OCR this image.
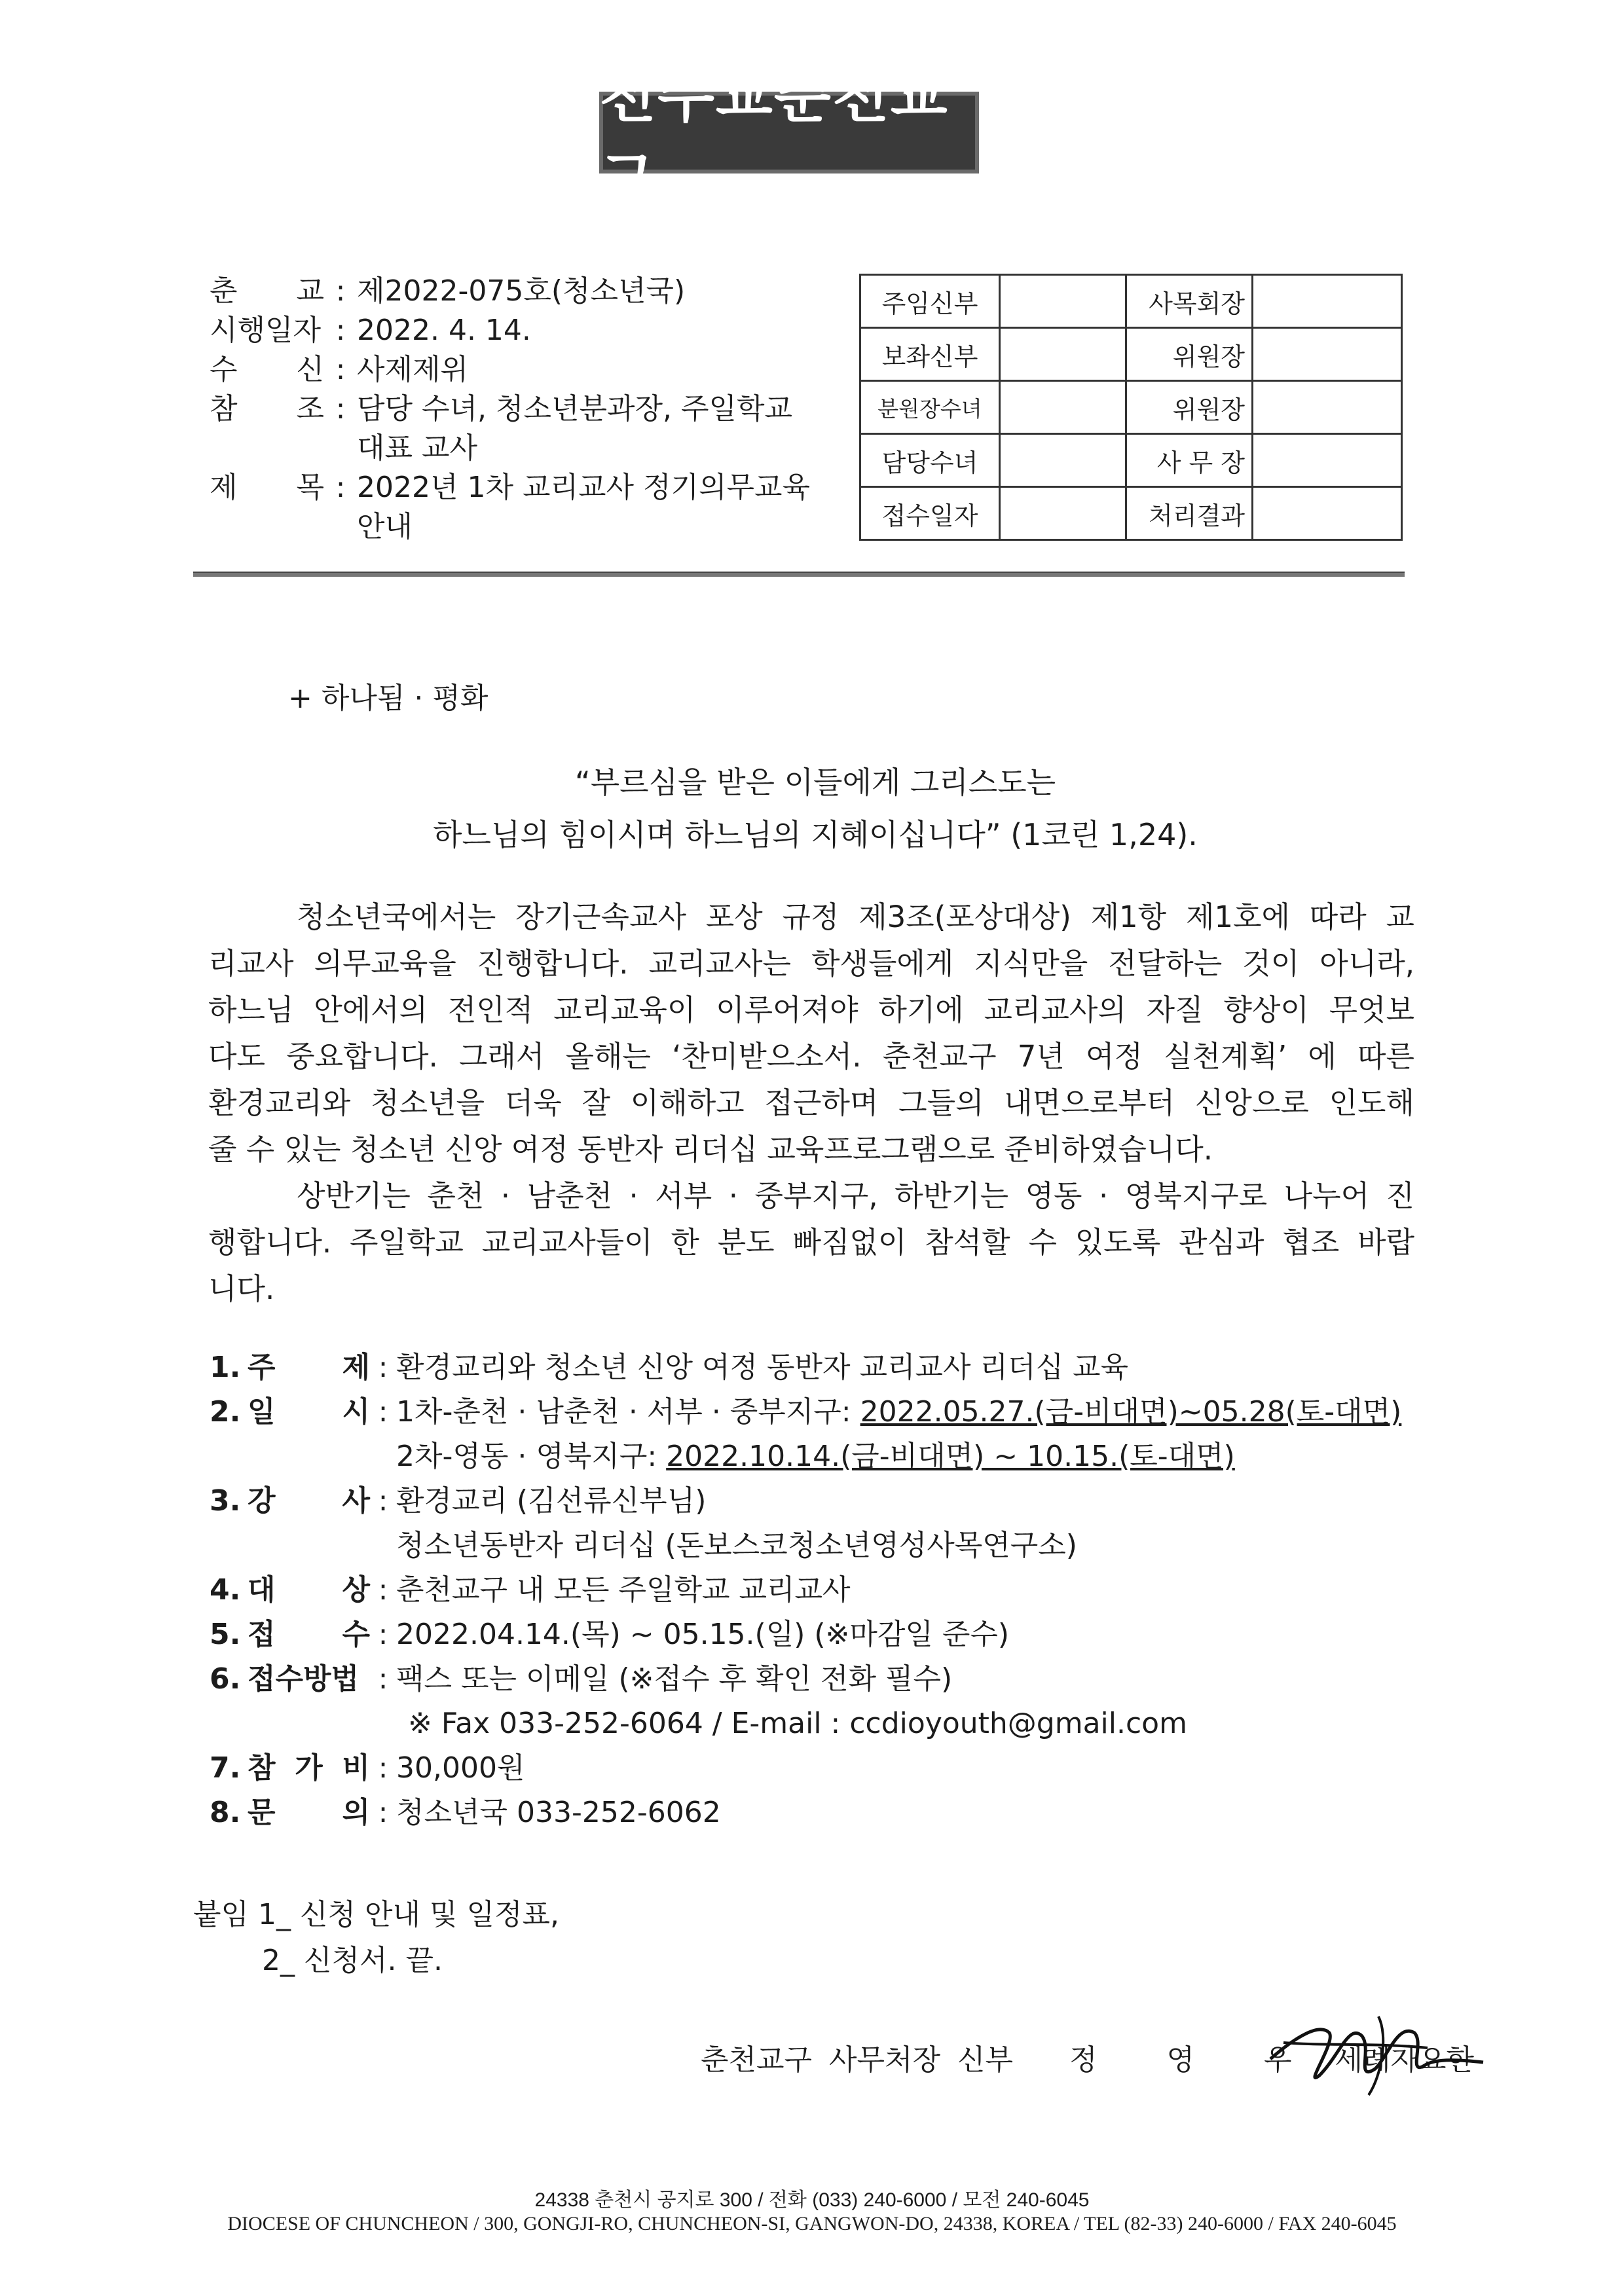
천주교춘천교구
춘 교 : 제2022-075호(청소년국)
시행일자 : 2022. 4. 14.
수 신 : 사제제위
참 조 : 담당 수녀, 청소년분과장, 주일학교
대표 교사
제 목 : 2022년 1차 교리교사 정기의무교육
안내
주임신부		사목회장	
보좌신부		위원장	
분원장수녀		위원장	
담당수녀		사 무 장	
접수일자		처리결과	
+ 하나됨 · 평화
“부르심을 받은 이들에게 그리스도는
하느님의 힘이시며 하느님의 지혜이십니다” (1코린 1,24).

청소년국에서는 장기근속교사 포상 규정 제3조(포상대상) 제1항 제1호에 따라 교

리교사 의무교육을 진행합니다. 교리교사는 학생들에게 지식만을 전달하는 것이 아니라,

하느님 안에서의 전인적 교리교육이 이루어져야 하기에 교리교사의 자질 향상이 무엇보

다도 중요합니다. 그래서 올해는 ‘찬미받으소서. 춘천교구 7년 여정 실천계획’ 에 따른

환경교리와 청소년을 더욱 잘 이해하고 접근하며 그들의 내면으로부터 신앙으로 인도해

줄 수 있는 청소년 신앙 여정 동반자 리더십 교육프로그램으로 준비하였습니다.

상반기는 춘천 · 남춘천 · 서부 · 중부지구, 하반기는 영동 · 영북지구로 나누어 진

행합니다. 주일학교 교리교사들이 한 분도 빠짐없이 참석할 수 있도록 관심과 협조 바랍

니다.

1. 주 제 : 환경교리와 청소년 신앙 여정 동반자 교리교사 리더십 교육
2. 일 시 : 1차-춘천 · 남춘천 · 서부 · 중부지구: 2022.05.27.(금-비대면)~05.28(토-대면)
2차-영동 · 영북지구: 2022.10.14.(금-비대면) ~ 10.15.(토-대면)
3. 강 사 : 환경교리 (김선류신부님)
청소년동반자 리더십 (돈보스코청소년영성사목연구소)
4. 대 상 : 춘천교구 내 모든 주일학교 교리교사
5. 접 수 : 2022.04.14.(목) ~ 05.15.(일) (※마감일 준수)
6. 접수방법 : 팩스 또는 이메일 (※접수 후 확인 전화 필수)
※ Fax 033-252-6064 / E-mail : ccdioyouth@gmail.com
7. 참 가 비 : 30,000원
8. 문 의 : 청소년국 033-252-6062
붙임 1_ 신청 안내 및 일정표,
2_ 신청서. 끝.
춘천교구 사무처장 신부 정 영 우 세례자요한
24338 춘천시 공지로 300 / 전화 (033) 240-6000 / 모전 240-6045
DIOCESE OF CHUNCHEON / 300, GONGJI-RO, CHUNCHEON-SI, GANGWON-DO, 24338, KOREA / TEL (82-33) 240-6000 / FAX 240-6045
